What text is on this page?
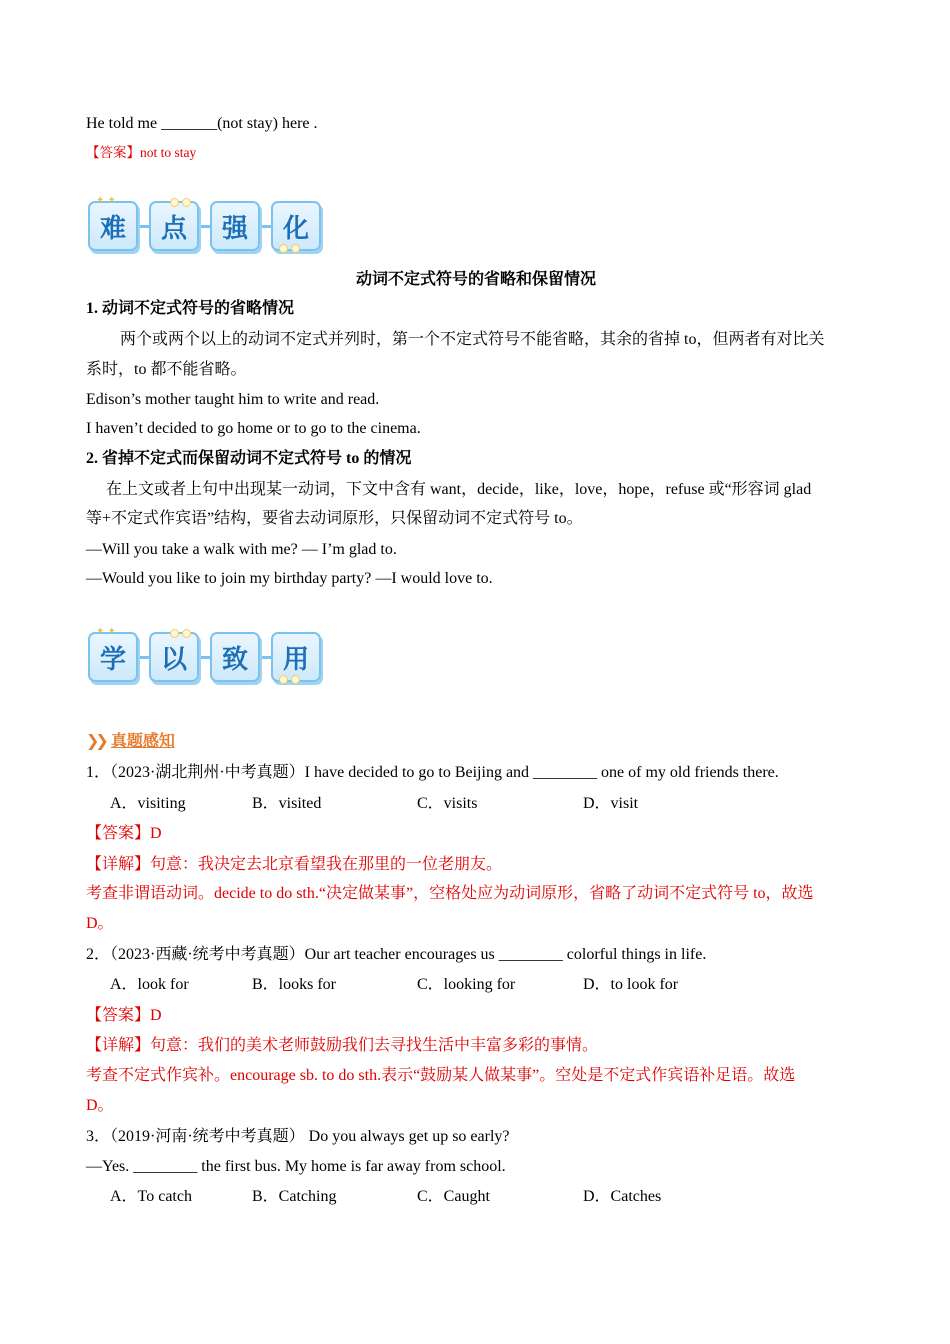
He told me _______(not stay) here .
【答案】not to stay
✦ ✦
难 点 强 化
动词不定式符号的省略和保留情况
1. 动词不定式符号的省略情况
两个或两个以上的动词不定式并列时，第一个不定式符号不能省略，其余的省掉 to，但两者有对比关
系时，to 都不能省略。
Edison’s mother taught him to write and read.
I haven’t decided to go home or to go to the cinema.
2. 省掉不定式而保留动词不定式符号 to 的情况
在上文或者上句中出现某一动词，下文中含有 want，decide，like，love，hope，refuse 或“形容词 glad
等+不定式作宾语”结构，要省去动词原形，只保留动词不定式符号 to。
—Will you take a walk with me? — I’m glad to.
—Would you like to join my birthday party? —I would love to.
✦ ✦
学 以 致 用
❯❯ 真题感知
1．（2023·湖北荆州·中考真题）I have decided to go to Beijing and ________ one of my old friends there.
A．visiting	B．visited	C．visits	D．visit
【答案】D
【详解】句意：我决定去北京看望我在那里的一位老朋友。
考查非谓语动词。decide to do sth.“决定做某事”，空格处应为动词原形，省略了动词不定式符号 to，故选
D。
2．（2023·西藏·统考中考真题）Our art teacher encourages us ________ colorful things in life.
A．look for	B．looks for	C．looking for	D．to look for
【答案】D
【详解】句意：我们的美术老师鼓励我们去寻找生活中丰富多彩的事情。
考查不定式作宾补。encourage sb. to do sth.表示“鼓励某人做某事”。空处是不定式作宾语补足语。故选
D。
3．（2019·河南·统考中考真题） Do you always get up so early?
—Yes. ________ the first bus. My home is far away from school.
A．To catch	B．Catching	C．Caught	D．Catches
